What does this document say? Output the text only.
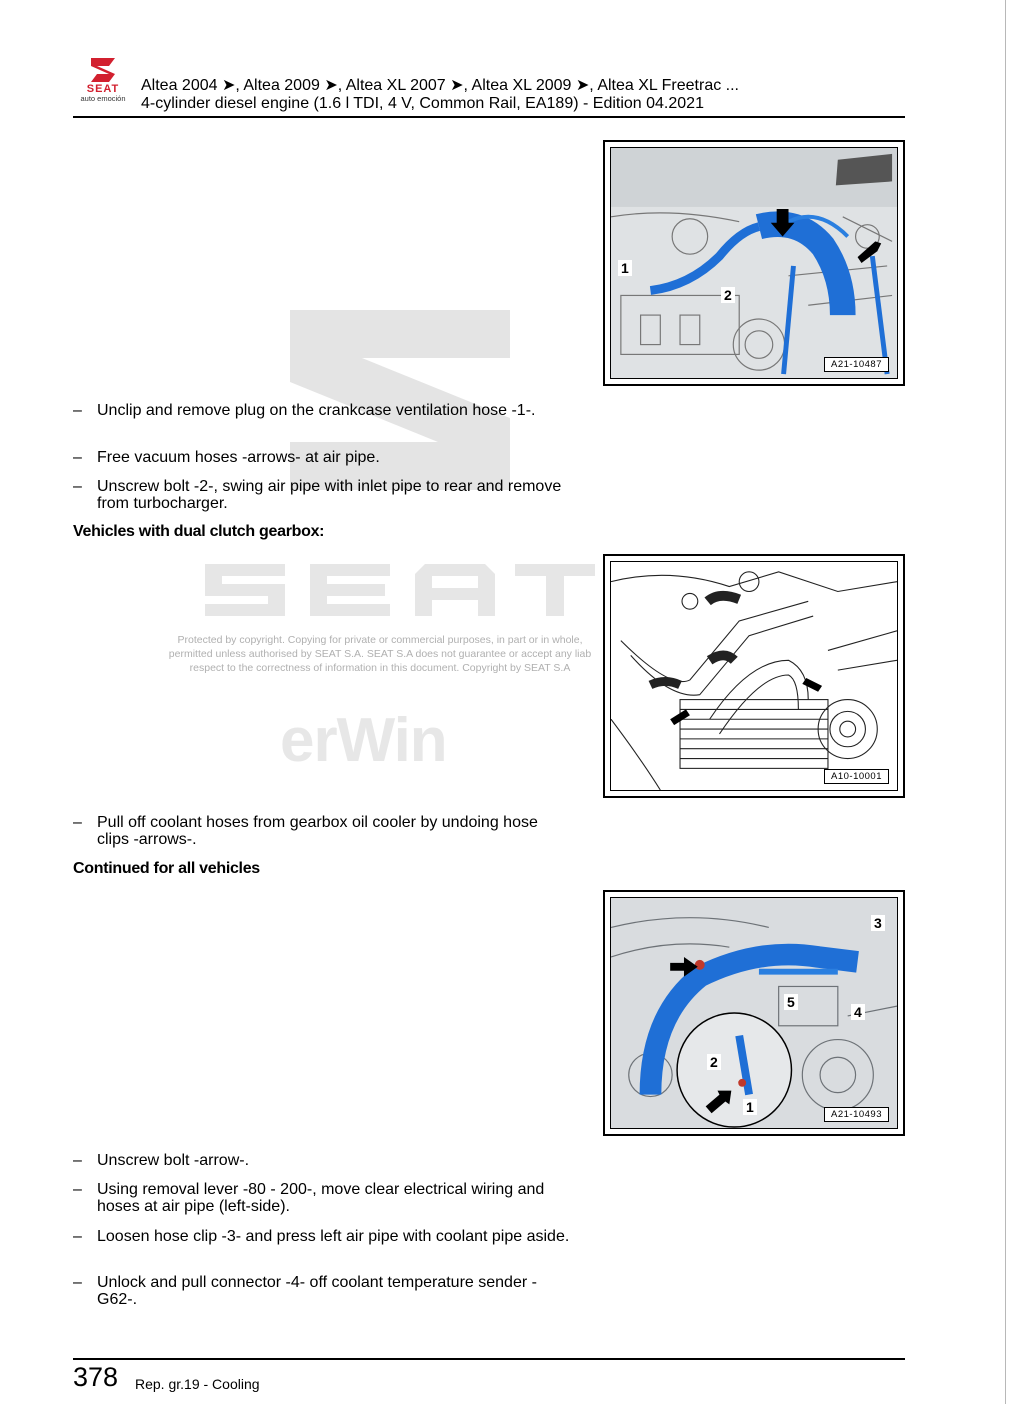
SEAT
auto emoción
Altea 2004 ➤, Altea 2009 ➤, Altea XL 2007 ➤, Altea XL 2009 ➤, Altea XL Freetrac ...
4-cylinder diesel engine (1.6 l TDI, 4 V, Common Rail, EA189) - Edition 04.2021
Protected by copyright. Copying for private or commercial purposes, in part or in whole,
permitted unless authorised by SEAT S.A. SEAT S.A does not guarantee or accept any liab
respect to the correctness of information in this document. Copyright by SEAT S.A
erWin
1
2
A21-10487
A10-10001
3
5
4
2
1	A21-10493
– Unclip and remove plug on the crankcase ventilation hose -1-.
– Free vacuum hoses -arrows- at air pipe.
– Unscrew bolt -2-, swing air pipe with inlet pipe to rear and remove from turbocharger.
Vehicles with dual clutch gearbox:
– Pull off coolant hoses from gearbox oil cooler by undoing hose clips -arrows-.
Continued for all vehicles
– Unscrew bolt -arrow-.
– Using removal lever -80 - 200-, move clear electrical wiring and hoses at air pipe (left-side).
– Loosen hose clip -3- and press left air pipe with coolant pipe aside.
– Unlock and pull connector -4- off coolant temperature sender -G62-.
378 Rep. gr.19 - Cooling
